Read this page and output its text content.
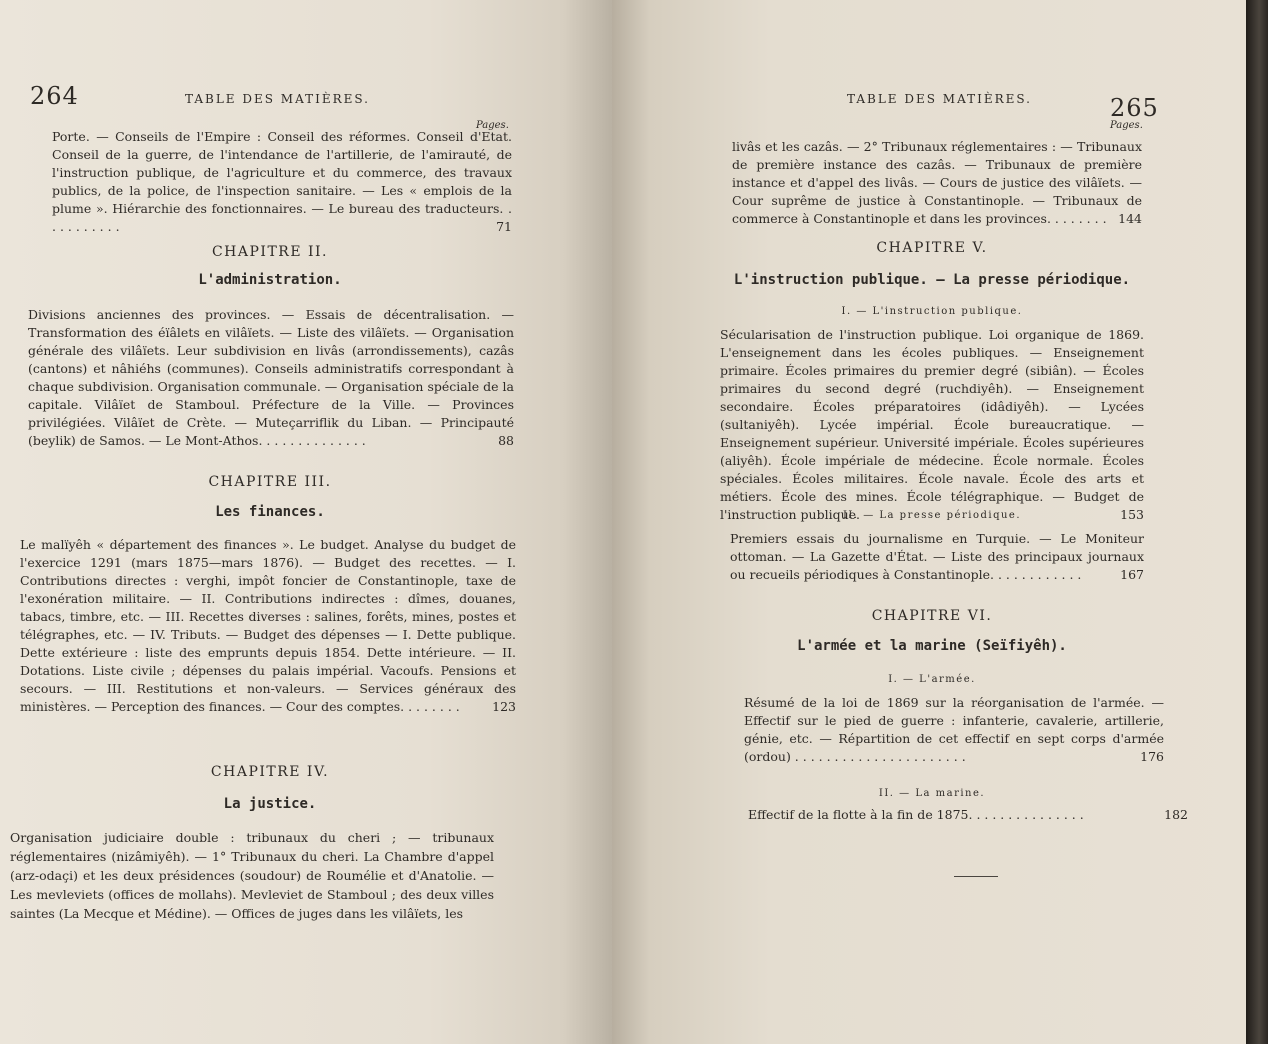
264	TABLE DES MATIÈRES.
Pages.

Porte. — Conseils de l'Empire : Conseil des réformes. Conseil d'Etat. Conseil de la guerre, de l'intendance de l'artillerie, de l'amirauté, de l'instruction publique, de l'agriculture et du commerce, des travaux publics, de la police, de l'inspection sanitaire. — Les « emplois de la plume ». Hiérarchie des fonctionnaires. — Le bureau des traducteurs. . . . . . . . . . .	71

CHAPITRE II.
L'administration.

Divisions anciennes des provinces. — Essais de décentralisation. — Transformation des éïâlets en vilâïets. — Liste des vilâïets. — Organisation générale des vilâïets. Leur subdivision en livâs (arrondissements), cazâs (cantons) et nâhiéhs (communes). Conseils administratifs correspondant à chaque subdivision. Organisation communale. — Organisation spéciale de la capitale. Vilâïet de Stamboul. Préfecture de la Ville. — Provinces privilégiées. Vilâïet de Crète. — Muteçarriflik du Liban. — Principauté (beylik) de Samos. — Le Mont-Athos. . . . . . . . . . . . . .	88

CHAPITRE III.
Les finances.

Le malïyêh « département des finances ». Le budget. Analyse du budget de l'exercice 1291 (mars 1875—mars 1876). — Budget des recettes. — I. Contributions directes : verghi, impôt foncier de Constantinople, taxe de l'exonération militaire. — II. Contributions indirectes : dîmes, douanes, tabacs, timbre, etc. — III. Recettes diverses : salines, forêts, mines, postes et télégraphes, etc. — IV. Tributs. — Budget des dépenses — I. Dette publique. Dette extérieure : liste des emprunts depuis 1854. Dette intérieure. — II. Dotations. Liste civile ; dépenses du palais impérial. Vacoufs. Pensions et secours. — III. Restitutions et non-valeurs. — Services généraux des ministères. — Perception des finances. — Cour des comptes. . . . . . . .	123

CHAPITRE IV.
La justice.

Organisation judiciaire double : tribunaux du cheri ; — tribunaux réglementaires (nizâmiyêh). — 1° Tribunaux du cheri. La Chambre d'appel (arz-odaçi) et les deux présidences (soudour) de Roumélie et d'Anatolie. — Les mevleviets (offices de mollahs). Mevleviet de Stamboul ; des deux villes saintes (La Mecque et Médine). — Offices de juges dans les vilâïets, les

TABLE DES MATIÈRES.	265
Pages.

livâs et les cazâs. — 2° Tribunaux réglementaires : — Tribunaux de première instance des cazâs. — Tribunaux de première instance et d'appel des livâs. — Cours de justice des vilâïets. — Cour suprême de justice à Constantinople. — Tribunaux de commerce à Constantinople et dans les provinces. . . . . . . . 144

CHAPITRE V.
L'instruction publique. — La presse périodique.
I. — L'instruction publique.

Sécularisation de l'instruction publique. Loi organique de 1869. L'enseignement dans les écoles publiques. — Enseignement primaire. Écoles primaires du premier degré (sibiân). — Écoles primaires du second degré (ruchdiyêh). — Enseignement secondaire. Écoles préparatoires (idâdiyêh). — Lycées (sultaniyêh). Lycée impérial. École bureaucratique. — Enseignement supérieur. Université impériale. Écoles supérieures (aliyêh). École impériale de médecine. École normale. Écoles spéciales. Écoles militaires. École navale. École des arts et métiers. École des mines. École télégraphique. — Budget de l'instruction publique.	153

II. — La presse périodique.

Premiers essais du journalisme en Turquie. — Le Moniteur ottoman. — La Gazette d'État. — Liste des principaux journaux ou recueils périodiques à Constantinople. . . . . . . . . . . .	167

CHAPITRE VI.
L'armée et la marine (Seïfiyêh).
I. — L'armée.

Résumé de la loi de 1869 sur la réorganisation de l'armée. — Effectif sur le pied de guerre : infanterie, cavalerie, artillerie, génie, etc. — Répartition de cet effectif en sept corps d'armée (ordou) . . . . . . . . . . . . . . . . . . . . . .	176

II. — La marine.

Effectif de la flotte à la fin de 1875. . . . . . . . . . . . . . .	182
